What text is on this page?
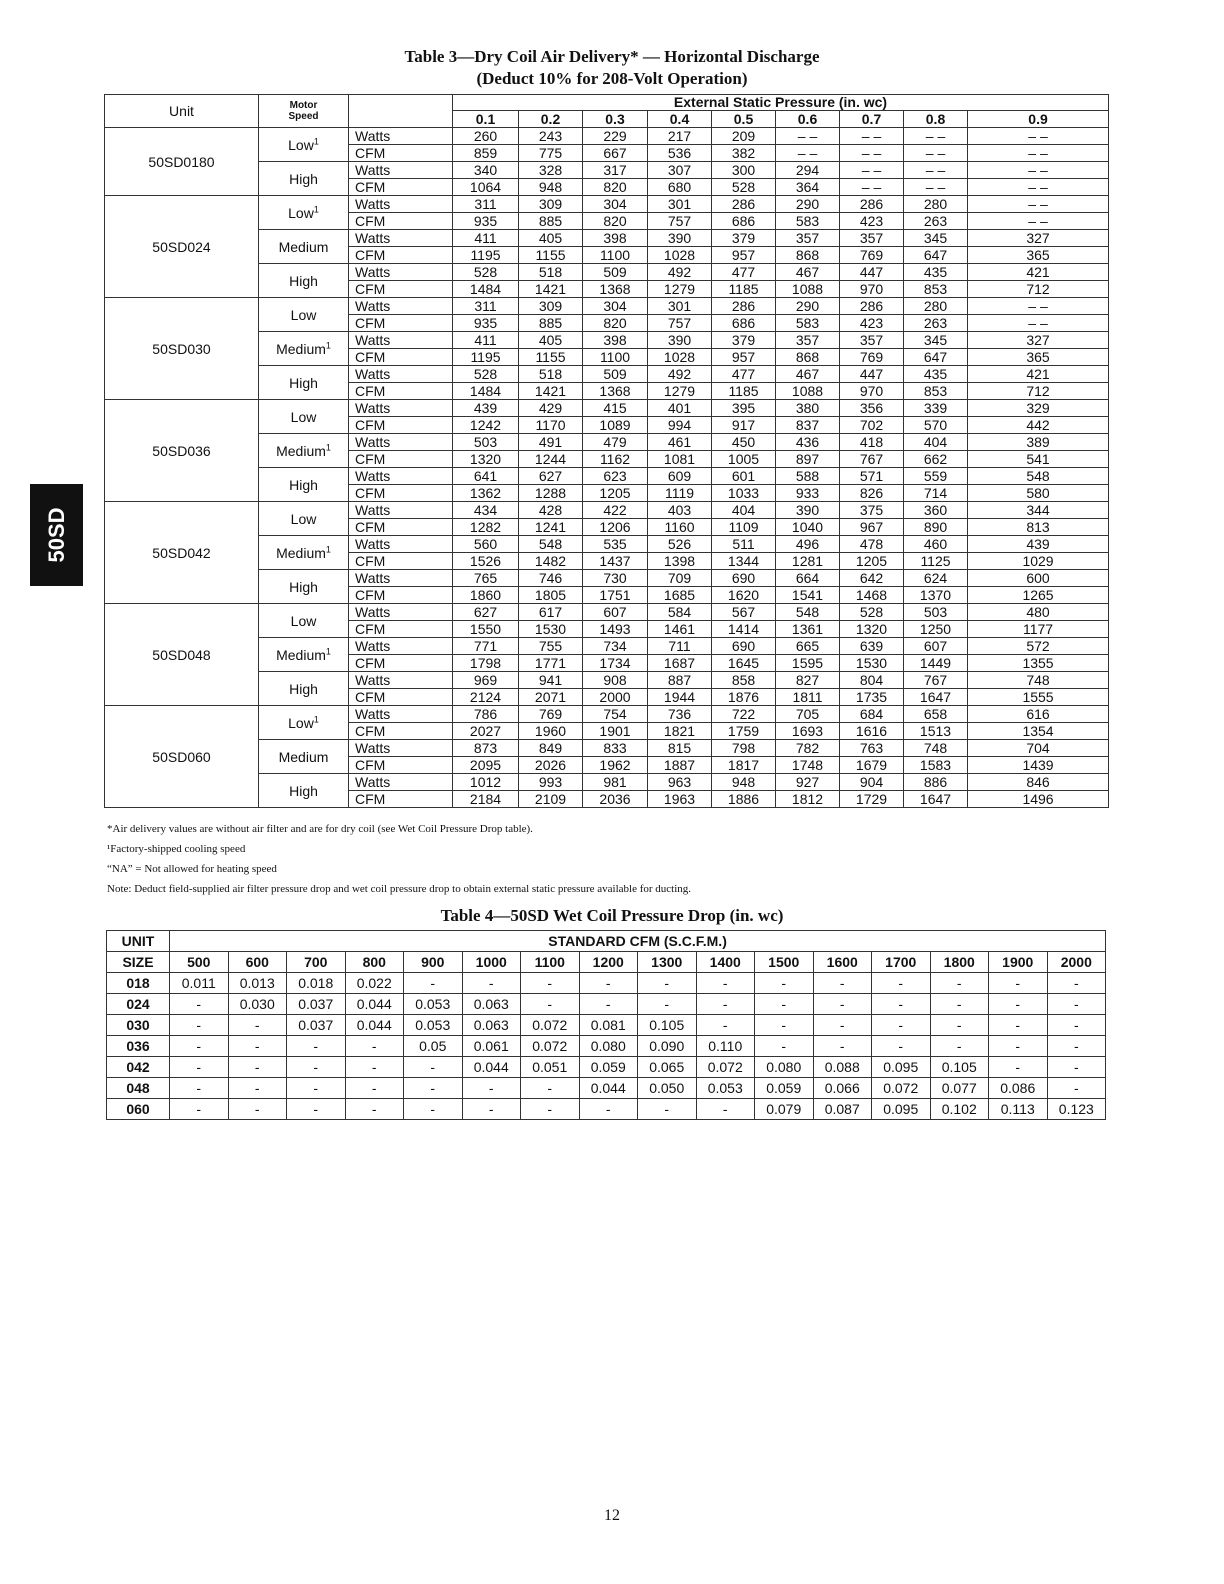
Table 3—Dry Coil Air Delivery* — Horizontal Discharge
(Deduct 10% for 208-Volt Operation)
50SD
Unit	Motor
Speed		External Static Pressure (in. wc)								
			0.1	0.2	0.3	0.4	0.5	0.6	0.7	0.8	0.9
50SD0180	Low$^1$	Watts	260	243	229	217	209	– –	– –	– –	– –
		CFM	859	775	667	536	382	– –	– –	– –	– –
	High	Watts	340	328	317	307	300	294	– –	– –	– –
		CFM	1064	948	820	680	528	364	– –	– –	– –
50SD024	Low$^1$	Watts	311	309	304	301	286	290	286	280	– –
		CFM	935	885	820	757	686	583	423	263	– –
	Medium	Watts	411	405	398	390	379	357	357	345	327
		CFM	1195	1155	1100	1028	957	868	769	647	365
	High	Watts	528	518	509	492	477	467	447	435	421
		CFM	1484	1421	1368	1279	1185	1088	970	853	712
50SD030	Low	Watts	311	309	304	301	286	290	286	280	– –
		CFM	935	885	820	757	686	583	423	263	– –
	Medium$^1$	Watts	411	405	398	390	379	357	357	345	327
		CFM	1195	1155	1100	1028	957	868	769	647	365
	High	Watts	528	518	509	492	477	467	447	435	421
		CFM	1484	1421	1368	1279	1185	1088	970	853	712
50SD036	Low	Watts	439	429	415	401	395	380	356	339	329
		CFM	1242	1170	1089	994	917	837	702	570	442
	Medium$^1$	Watts	503	491	479	461	450	436	418	404	389
		CFM	1320	1244	1162	1081	1005	897	767	662	541
	High	Watts	641	627	623	609	601	588	571	559	548
		CFM	1362	1288	1205	1119	1033	933	826	714	580
50SD042	Low	Watts	434	428	422	403	404	390	375	360	344
		CFM	1282	1241	1206	1160	1109	1040	967	890	813
	Medium$^1$	Watts	560	548	535	526	511	496	478	460	439
		CFM	1526	1482	1437	1398	1344	1281	1205	1125	1029
	High	Watts	765	746	730	709	690	664	642	624	600
		CFM	1860	1805	1751	1685	1620	1541	1468	1370	1265
50SD048	Low	Watts	627	617	607	584	567	548	528	503	480
		CFM	1550	1530	1493	1461	1414	1361	1320	1250	1177
	Medium$^1$	Watts	771	755	734	711	690	665	639	607	572
		CFM	1798	1771	1734	1687	1645	1595	1530	1449	1355
	High	Watts	969	941	908	887	858	827	804	767	748
		CFM	2124	2071	2000	1944	1876	1811	1735	1647	1555
50SD060	Low$^1$	Watts	786	769	754	736	722	705	684	658	616
		CFM	2027	1960	1901	1821	1759	1693	1616	1513	1354
	Medium	Watts	873	849	833	815	798	782	763	748	704
		CFM	2095	2026	1962	1887	1817	1748	1679	1583	1439
	High	Watts	1012	993	981	963	948	927	904	886	846
		CFM	2184	2109	2036	1963	1886	1812	1729	1647	1496
*Air delivery values are without air filter and are for dry coil (see Wet Coil Pressure Drop table).
¹Factory-shipped cooling speed
“NA” = Not allowed for heating speed
Note: Deduct field-supplied air filter pressure drop and wet coil pressure drop to obtain external static pressure available for ducting.
Table 4—50SD Wet Coil Pressure Drop (in. wc)
UNIT	STANDARD CFM (S.C.F.M.)															
SIZE	500	600	700	800	900	1000	1100	1200	1300	1400	1500	1600	1700	1800	1900	2000
018	0.011	0.013	0.018	0.022	-	-	-	-	-	-	-	-	-	-	-	-
024	-	0.030	0.037	0.044	0.053	0.063	-	-	-	-	-	-	-	-	-	-
030	-	-	0.037	0.044	0.053	0.063	0.072	0.081	0.105	-	-	-	-	-	-	-
036	-	-	-	-	0.05	0.061	0.072	0.080	0.090	0.110	-	-	-	-	-	-
042	-	-	-	-	-	0.044	0.051	0.059	0.065	0.072	0.080	0.088	0.095	0.105	-	-
048	-	-	-	-	-	-	-	0.044	0.050	0.053	0.059	0.066	0.072	0.077	0.086	-
060	-	-	-	-	-	-	-	-	-	-	0.079	0.087	0.095	0.102	0.113	0.123
12
